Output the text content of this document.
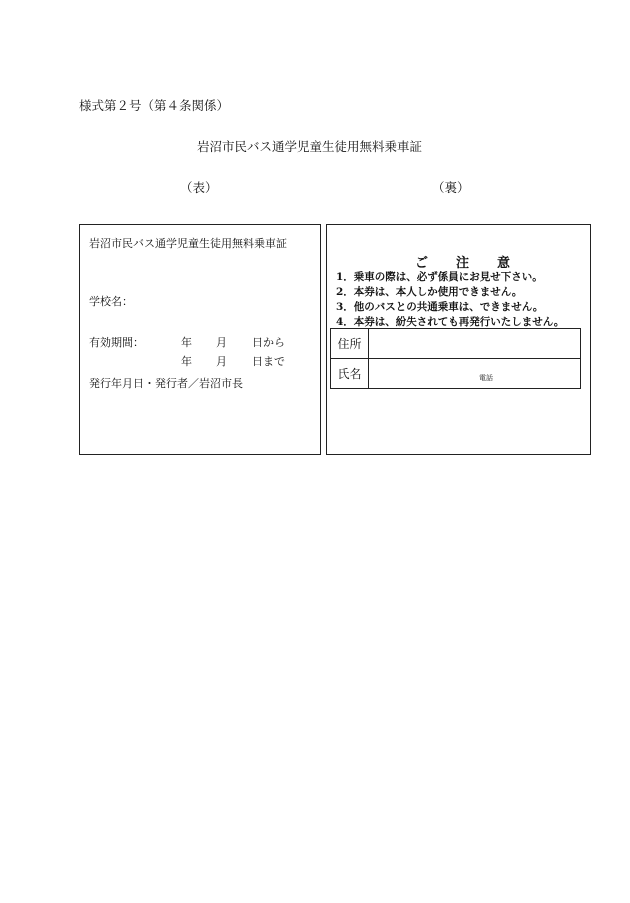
様式第２号（第４条関係）
岩沼市民バス通学児童生徒用無料乗車証
（表）	（裏）
岩沼市民バス通学児童生徒用無料乗車証
学校名：
有効期間：	年 月 日から
年 月 日まで
発行年月日・発行者／岩沼市長
ご 注 意
1．乗車の際は、必ず係員にお見せ下さい。
2．本券は、本人しか使用できません。
3．他のバスとの共通乗車は、できません。
4．本券は、紛失されても再発行いたしません。
住所	
氏名	電話
